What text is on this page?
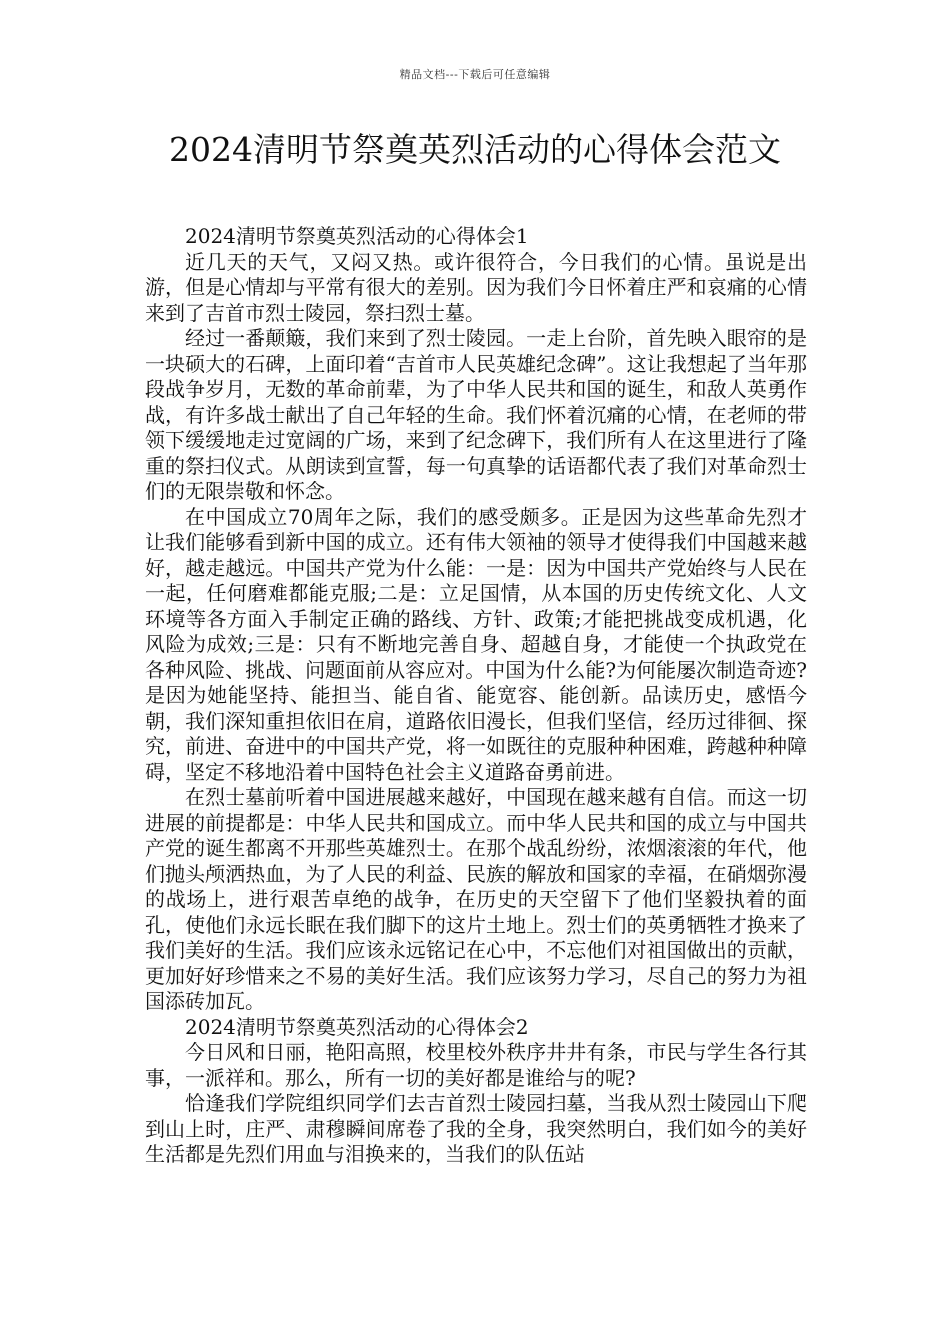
精品文档---下载后可任意编辑
2024清明节祭奠英烈活动的心得体会范文

2024清明节祭奠英烈活动的心得体会1

近几天的天气，又闷又热。或许很符合，今日我们的心情。虽说是出游，但是心情却与平常有很大的差别。因为我们今日怀着庄严和哀痛的心情来到了吉首市烈士陵园，祭扫烈士墓。

经过一番颠簸，我们来到了烈士陵园。一走上台阶，首先映入眼帘的是一块硕大的石碑，上面印着“吉首市人民英雄纪念碑”。这让我想起了当年那段战争岁月，无数的革命前辈，为了中华人民共和国的诞生，和敌人英勇作战，有许多战士献出了自己年轻的生命。我们怀着沉痛的心情，在老师的带领下缓缓地走过宽阔的广场，来到了纪念碑下，我们所有人在这里进行了隆重的祭扫仪式。从朗读到宣誓，每一句真挚的话语都代表了我们对革命烈士们的无限崇敬和怀念。

在中国成立70周年之际，我们的感受颇多。正是因为这些革命先烈才让我们能够看到新中国的成立。还有伟大领袖的领导才使得我们中国越来越好，越走越远。中国共产党为什么能：一是：因为中国共产党始终与人民在一起，任何磨难都能克服;二是：立足国情，从本国的历史传统文化、人文环境等各方面入手制定正确的路线、方针、政策;才能把挑战变成机遇，化风险为成效;三是：只有不断地完善自身、超越自身，才能使一个执政党在各种风险、挑战、问题面前从容应对。中国为什么能?为何能屡次制造奇迹?是因为她能坚持、能担当、能自省、能宽容、能创新。品读历史，感悟今朝，我们深知重担依旧在肩，道路依旧漫长，但我们坚信，经历过徘徊、探究，前进、奋进中的中国共产党，将一如既往的克服种种困难，跨越种种障碍，坚定不移地沿着中国特色社会主义道路奋勇前进。

在烈士墓前听着中国进展越来越好，中国现在越来越有自信。而这一切进展的前提都是：中华人民共和国成立。而中华人民共和国的成立与中国共产党的诞生都离不开那些英雄烈士。在那个战乱纷纷，浓烟滚滚的年代，他们抛头颅洒热血，为了人民的利益、民族的解放和国家的幸福，在硝烟弥漫的战场上，进行艰苦卓绝的战争，在历史的天空留下了他们坚毅执着的面孔，使他们永远长眠在我们脚下的这片土地上。烈士们的英勇牺牲才换来了我们美好的生活。我们应该永远铭记在心中，不忘他们对祖国做出的贡献，更加好好珍惜来之不易的美好生活。我们应该努力学习，尽自己的努力为祖国添砖加瓦。

2024清明节祭奠英烈活动的心得体会2

今日风和日丽，艳阳高照，校里校外秩序井井有条，市民与学生各行其事，一派祥和。那么，所有一切的美好都是谁给与的呢?

恰逢我们学院组织同学们去吉首烈士陵园扫墓，当我从烈士陵园山下爬到山上时，庄严、肃穆瞬间席卷了我的全身，我突然明白，我们如今的美好生活都是先烈们用血与泪换来的，当我们的队伍站
